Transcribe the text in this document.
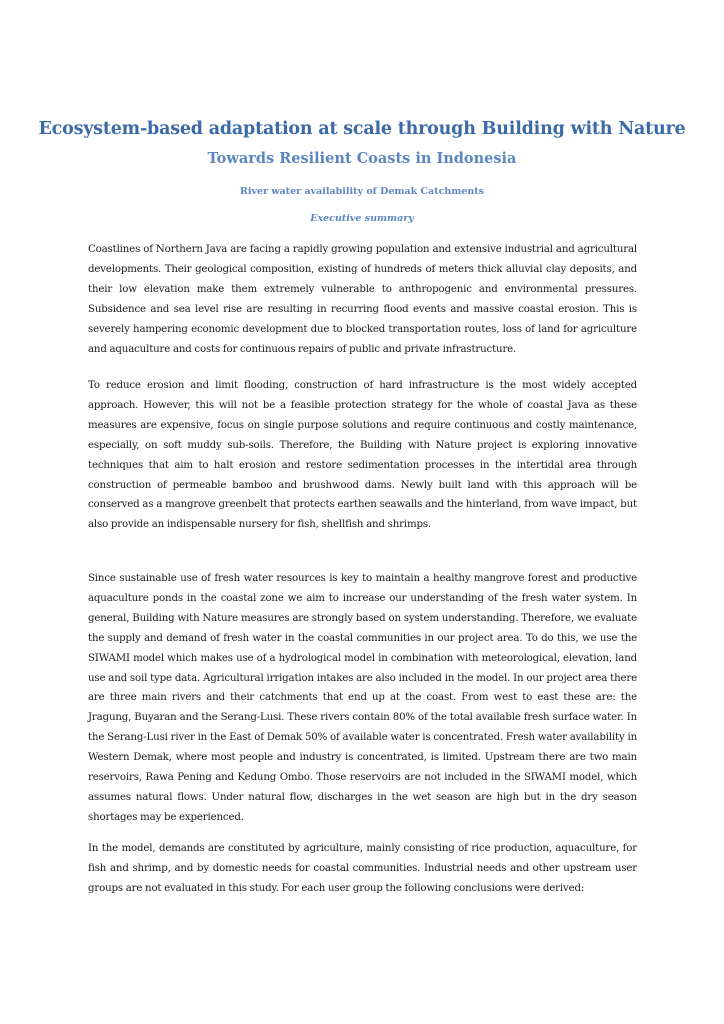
Ecosystem-based adaptation at scale through Building with Nature
Towards Resilient Coasts in Indonesia
River water availability of Demak Catchments
Executive summary

Coastlines of Northern Java are facing a rapidly growing population and extensive industrial and agricultural developments. Their geological composition, existing of hundreds of meters thick alluvial clay deposits, and their low elevation make them extremely vulnerable to anthropogenic and environmental pressures. Subsidence and sea level rise are resulting in recurring flood events and massive coastal erosion. This is severely hampering economic development due to blocked transportation routes, loss of land for agriculture and aquaculture and costs for continuous repairs of public and private infrastructure.

To reduce erosion and limit flooding, construction of hard infrastructure is the most widely accepted approach. However, this will not be a feasible protection strategy for the whole of coastal Java as these measures are expensive, focus on single purpose solutions and require continuous and costly maintenance, especially, on soft muddy sub-soils. Therefore, the Building with Nature project is exploring innovative techniques that aim to halt erosion and restore sedimentation processes in the intertidal area through construction of permeable bamboo and brushwood dams. Newly built land with this approach will be conserved as a mangrove greenbelt that protects earthen seawalls and the hinterland, from wave impact, but also provide an indispensable nursery for fish, shellfish and shrimps.

Since sustainable use of fresh water resources is key to maintain a healthy mangrove forest and productive aquaculture ponds in the coastal zone we aim to increase our understanding of the fresh water system. In general, Building with Nature measures are strongly based on system understanding. Therefore, we evaluate the supply and demand of fresh water in the coastal communities in our project area. To do this, we use the SIWAMI model which makes use of a hydrological model in combination with meteorological, elevation, land use and soil type data. Agricultural irrigation intakes are also included in the model. In our project area there are three main rivers and their catchments that end up at the coast. From west to east these are: the Jragung, Buyaran and the Serang-Lusi. These rivers contain 80% of the total available fresh surface water. In the Serang-Lusi river in the East of Demak 50% of available water is concentrated. Fresh water availability in Western Demak, where most people and industry is concentrated, is limited. Upstream there are two main reservoirs, Rawa Pening and Kedung Ombo. Those reservoirs are not included in the SIWAMI model, which assumes natural flows. Under natural flow, discharges in the wet season are high but in the dry season shortages may be experienced.

In the model, demands are constituted by agriculture, mainly consisting of rice production, aquaculture, for fish and shrimp, and by domestic needs for coastal communities. Industrial needs and other upstream user groups are not evaluated in this study. For each user group the following conclusions were derived:
